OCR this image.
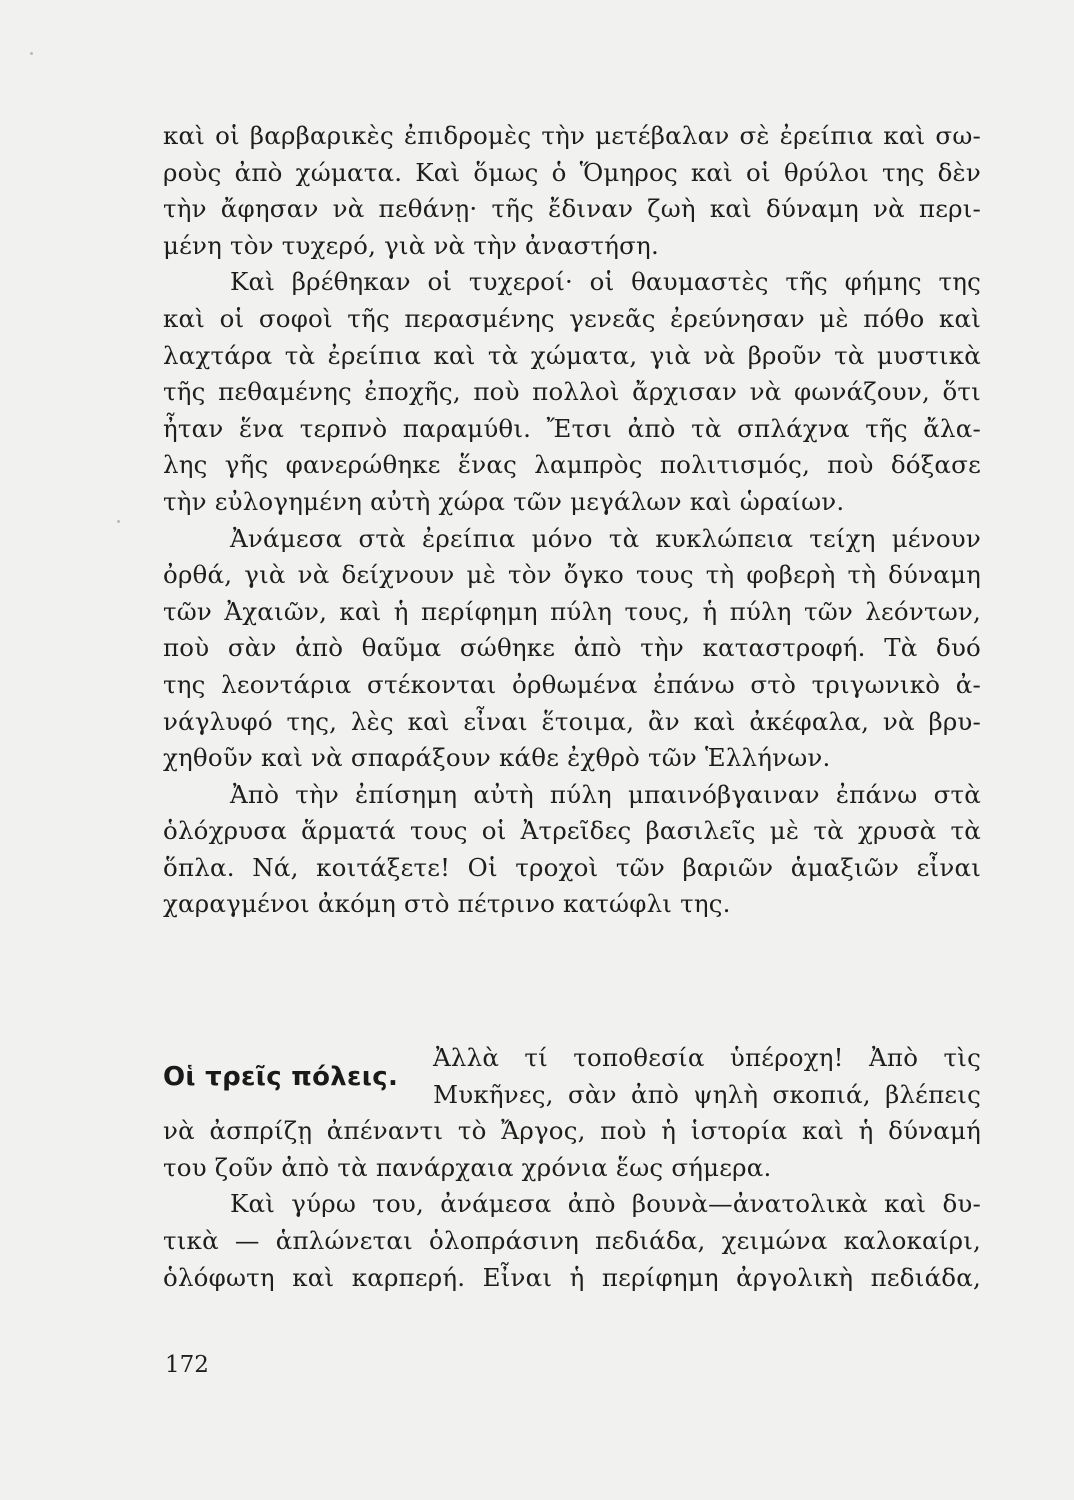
καὶ οἱ βαρβαρικὲς ἐπιδρομὲς τὴν μετέβαλαν σὲ ἐρείπια καὶ σω-
ρoὺς ἀπὸ χώματα. Καὶ ὅμως ὁ Ὅμηρος καὶ οἱ θρύλοι της δὲν
τὴν ἄφησαν νὰ πεθάνῃ· τῆς ἔδιναν ζωὴ καὶ δύναμη νὰ περι-
μένη τὸν τυχερό, γιὰ νὰ τὴν ἀναστήση.
Καὶ βρέθηκαν οἱ τυχεροί· οἱ θαυμαστὲς τῆς φήμης της
καὶ οἱ σοφοὶ τῆς περασμένης γενεᾶς ἐρεύνησαν μὲ πόθο καὶ
λαχτάρα τὰ ἐρείπια καὶ τὰ χώματα, γιὰ νὰ βροῦν τὰ μυστικὰ
τῆς πεθαμένης ἐποχῆς, ποὺ πολλοὶ ἄρχισαν νὰ φωνάζουν, ὅτι
ἦταν ἕνα τερπνὸ παραμύθι. Ἔτσι ἀπὸ τὰ σπλάχνα τῆς ἄλα-
λης γῆς φανερώθηκε ἕνας λαμπρὸς πολιτισμός, ποὺ δόξασε
τὴν εὐλογημένη αὐτὴ χώρα τῶν μεγάλων καὶ ὡραίων.
Ἀνάμεσα στὰ ἐρείπια μόνο τὰ κυκλώπεια τείχη μένουν
ὀρθά, γιὰ νὰ δείχνουν μὲ τὸν ὄγκο τους τὴ φοβερὴ τὴ δύναμη
τῶν Ἀχαιῶν, καὶ ἡ περίφημη πύλη τους, ἡ πύλη τῶν λεόντων,
ποὺ σὰν ἀπὸ θαῦμα σώθηκε ἀπὸ τὴν καταστροφή. Τὰ δυό
της λεοντάρια στέκονται ὀρθωμένα ἐπάνω στὸ τριγωνικὸ ἀ-
νάγλυφό της, λὲς καὶ εἶναι ἕτοιμα, ἂν καὶ ἀκέφαλα, νὰ βρυ-
χηθοῦν καὶ νὰ σπαράξουν κάθε ἐχθρὸ τῶν Ἑλλήνων.
Ἀπὸ τὴν ἐπίσημη αὐτὴ πύλη μπαινόβγαιναν ἐπάνω στὰ
ὁλόχρυσα ἅρματά τους οἱ Ἀτρεῖδες βασιλεῖς μὲ τὰ χρυσὰ τὰ
ὅπλα. Νά, κοιτάξετε! Οἱ τροχοὶ τῶν βαριῶν ἁμαξιῶν εἶναι
χαραγμένοι ἀκόμη στὸ πέτρινο κατώφλι της.

Οἱ τρεῖς πόλεις.

Ἀλλὰ τί τοποθεσία ὑπέροχη! Ἀπὸ τὶς
Μυκῆνες, σὰν ἀπὸ ψηλὴ σκοπιά, βλέπεις
νὰ ἀσπρίζῃ ἀπέναντι τὸ Ἄργος, ποὺ ἡ ἱστορία καὶ ἡ δύναμή
του ζοῦν ἀπὸ τὰ πανάρχαια χρόνια ἕως σήμερα.
Καὶ γύρω του, ἀνάμεσα ἀπὸ βουνὰ—ἀνατολικὰ καὶ δυ-
τικὰ — ἁπλώνεται ὁλοπράσινη πεδιάδα, χειμώνα καλοκαίρι,
ὁλόφωτη καὶ καρπερή. Εἶναι ἡ περίφημη ἀργολικὴ πεδιάδα,

172
